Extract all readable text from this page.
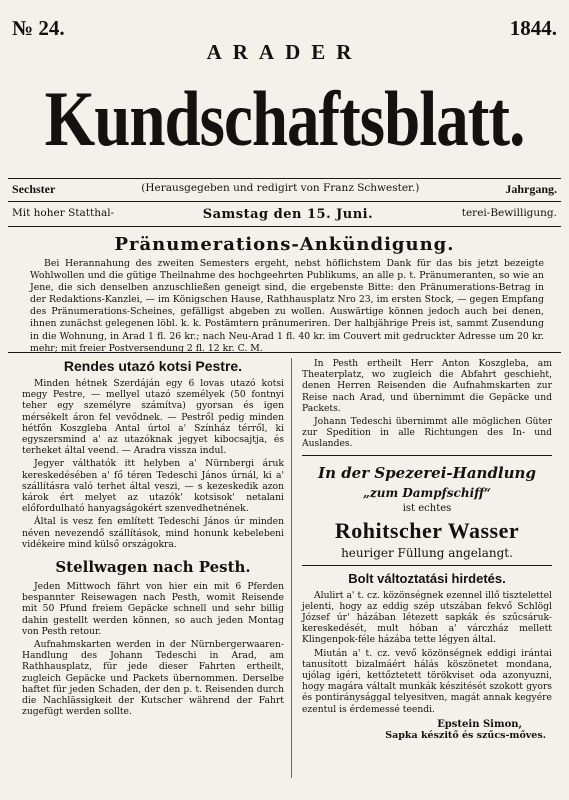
№ 24.	1844.
ARADER
Kundschaftsblatt.
Sechster	(Herausgegeben und redigirt von Franz Schwester.)	Jahrgang.
Mit hoher Statthal-	Samstag den 15. Juni.	terei-Bewilligung.
Pränumerations-Ankündigung.

Bei Herannahung des zweiten Semesters ergeht, nebst höflichstem Dank für das bis jetzt bezeigte Wohlwollen und die gütige Theilnahme des hochgeehrten Publikums, an alle p. t. Pränumeranten, so wie an Jene, die sich denselben anzuschließen geneigt sind, die ergebenste Bitte: den Pränumerations-Betrag in der Redaktions-Kanzlei, — im Königschen Hause, Rathhausplatz Nro 23, im ersten Stock, — gegen Empfang des Pränumerations-Scheines, gefälligst abgeben zu wollen. Auswärtige können jedoch auch bei denen, ihnen zunächst gelegenen löbl. k. k. Postämtern pränumeriren. Der halbjährige Preis ist, sammt Zusendung in die Wohnung, in Arad 1 fl. 26 kr.; nach Neu-Arad 1 fl. 40 kr. im Couvert mit gedruckter Adresse um 20 kr. mehr; mit freier Postversendung 2 fl. 12 kr. C. M.

Rendes utazó kotsi Pestre.

Minden hétnek Szerdáján egy 6 lovas utazó kotsi megy Pestre, — mellyel utazó személyek (50 fontnyi teher egy személyre számítva) gyorsan és igen mérsékelt áron fel vevődnek. — Pestről pedig minden hétfőn Koszgleba Antal úrtol a' Színház térről, ki egyszersmind a' az utazóknak jegyet kibocsajtja, és terheket által veend. — Aradra vissza indul.

Jegyer válthatók itt helyben a' Nürnbergi áruk kereskedésében a' fő téren Tedeschi János úrnál, ki a' szállításra való terhet által veszi, — s kezeskedik azon károk ért melyet az utazók' kotsisok' netalani előfordulható hanyagságokért szenvedhetnének.

Által is vesz fen említett Tedeschi János úr minden néven nevezendő szállítások, mind honunk kebelebeni vidékeire mind külső országokra.

Stellwagen nach Pesth.

Jeden Mittwoch fährt von hier ein mit 6 Pferden bespannter Reisewagen nach Pesth, womit Reisende mit 50 Pfund freiem Gepäcke schnell und sehr billig dahin gestellt werden können, so auch jeden Montag von Pesth retour.

Aufnahmskarten werden in der Nürnbergerwaaren-Handlung des Johann Tedeschi in Arad, am Rathhausplatz, für jede dieser Fahrten ertheilt, zugleich Gepäcke und Packets übernommen. Derselbe haftet für jeden Schaden, der den p. t. Reisenden durch die Nachlässigkeit der Kutscher während der Fahrt zugefügt werden sollte.

In Pesth ertheilt Herr Anton Koszgleba, am Theaterplatz, wo zugleich die Abfahrt geschieht, denen Herren Reisenden die Aufnahmskarten zur Reise nach Arad, und übernimmt die Gepäcke und Packets.

Johann Tedeschi übernimmt alle möglichen Güter zur Spedition in alle Richtungen des In- und Auslandes.

In der Spezerei-Handlung
„zum Dampfschiff“
ist echtes
Rohitscher Wasser
heuriger Füllung angelangt.
Bolt változtatási hirdetés.

Alulirt a' t. cz. közönségnek ezennel illő tisztelettel jelenti, hogy az eddig szép utszában fekvő Schlögl József úr' házában létezett sapkák és szűcsáruk-kereskedését, mult hóban a' várczház mellett Klingenpok-féle házába tette légyen által.

Miután a' t. cz. vevő közönségnek eddigi irántai tanusított bizalmáért hálás köszönetet mondana, ujólag igéri, kettőztetett törökviset oda azonyuzni, hogy magára váltalt munkák készitését szokott gyors és pontiránysággal telyesitven, magát annak kegyére ezentul is érdemessé teendi.

Epstein Simon,
Sapka készitő és szűcs-mőves.
